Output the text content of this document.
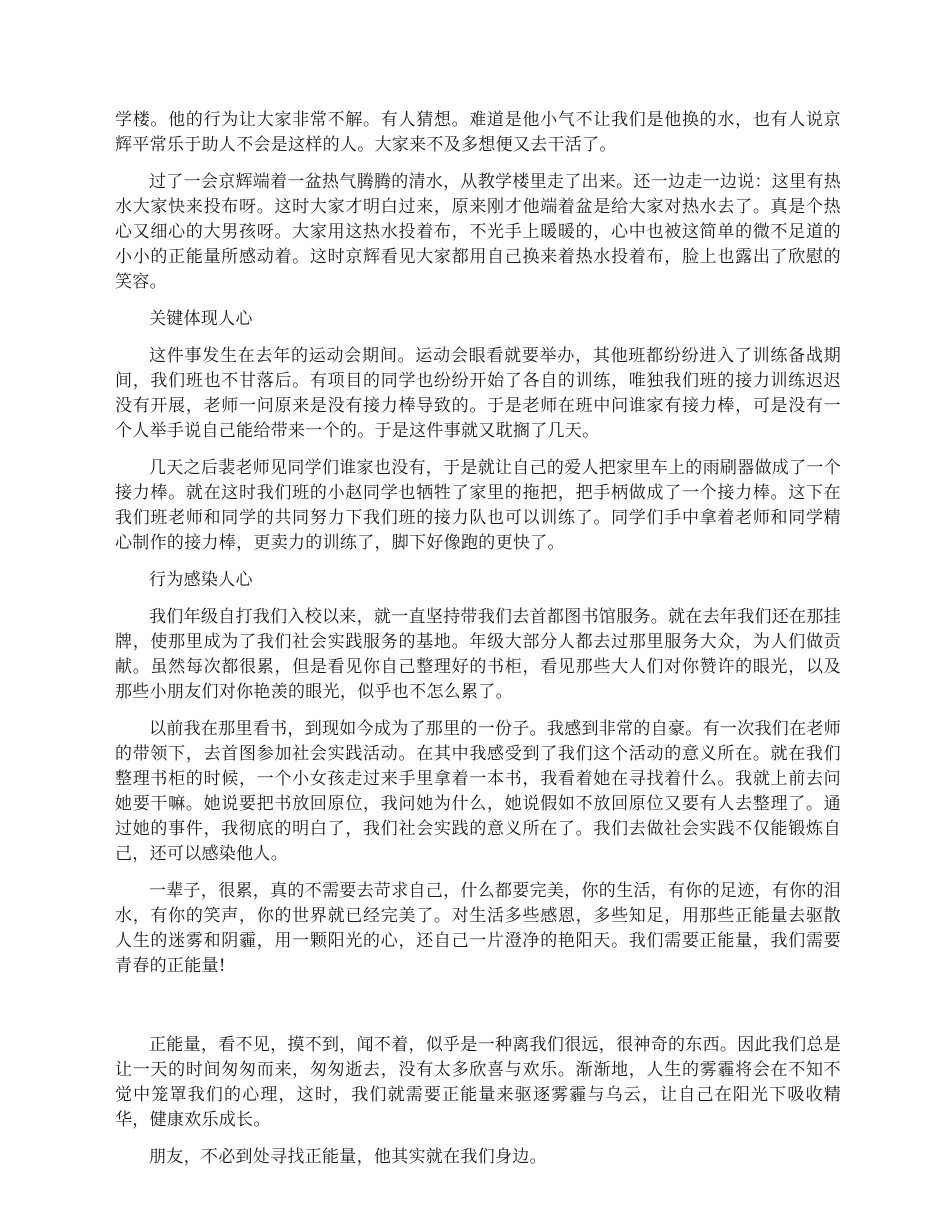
学楼。他的行为让大家非常不解。有人猜想。难道是他小气不让我们是他换的水，也有人说京辉平常乐于助人不会是这样的人。大家来不及多想便又去干活了。

过了一会京辉端着一盆热气腾腾的清水，从教学楼里走了出来。还一边走一边说：这里有热水大家快来投布呀。这时大家才明白过来，原来刚才他端着盆是给大家对热水去了。真是个热心又细心的大男孩呀。大家用这热水投着布，不光手上暖暖的，心中也被这简单的微不足道的小小的正能量所感动着。这时京辉看见大家都用自己换来着热水投着布，脸上也露出了欣慰的笑容。

关键体现人心

这件事发生在去年的运动会期间。运动会眼看就要举办，其他班都纷纷进入了训练备战期间，我们班也不甘落后。有项目的同学也纷纷开始了各自的训练，唯独我们班的接力训练迟迟没有开展，老师一问原来是没有接力棒导致的。于是老师在班中问谁家有接力棒，可是没有一个人举手说自己能给带来一个的。于是这件事就又耽搁了几天。

几天之后裴老师见同学们谁家也没有，于是就让自己的爱人把家里车上的雨刷器做成了一个接力棒。就在这时我们班的小赵同学也牺牲了家里的拖把，把手柄做成了一个接力棒。这下在我们班老师和同学的共同努力下我们班的接力队也可以训练了。同学们手中拿着老师和同学精心制作的接力棒，更卖力的训练了，脚下好像跑的更快了。

行为感染人心

我们年级自打我们入校以来，就一直坚持带我们去首都图书馆服务。就在去年我们还在那挂牌，使那里成为了我们社会实践服务的基地。年级大部分人都去过那里服务大众，为人们做贡献。虽然每次都很累，但是看见你自己整理好的书柜，看见那些大人们对你赞许的眼光，以及那些小朋友们对你艳羡的眼光，似乎也不怎么累了。

以前我在那里看书，到现如今成为了那里的一份子。我感到非常的自豪。有一次我们在老师的带领下，去首图参加社会实践活动。在其中我感受到了我们这个活动的意义所在。就在我们整理书柜的时候，一个小女孩走过来手里拿着一本书，我看着她在寻找着什么。我就上前去问她要干嘛。她说要把书放回原位，我问她为什么，她说假如不放回原位又要有人去整理了。通过她的事件，我彻底的明白了，我们社会实践的意义所在了。我们去做社会实践不仅能锻炼自己，还可以感染他人。

一辈子，很累，真的不需要去苛求自己，什么都要完美，你的生活，有你的足迹，有你的泪水，有你的笑声，你的世界就已经完美了。对生活多些感恩，多些知足，用那些正能量去驱散人生的迷雾和阴霾，用一颗阳光的心，还自己一片澄净的艳阳天。我们需要正能量，我们需要青春的正能量!

正能量，看不见，摸不到，闻不着，似乎是一种离我们很远，很神奇的东西。因此我们总是让一天的时间匆匆而来，匆匆逝去，没有太多欣喜与欢乐。渐渐地，人生的雾霾将会在不知不觉中笼罩我们的心理，这时，我们就需要正能量来驱逐雾霾与乌云，让自己在阳光下吸收精华，健康欢乐成长。

朋友，不必到处寻找正能量，他其实就在我们身边。
